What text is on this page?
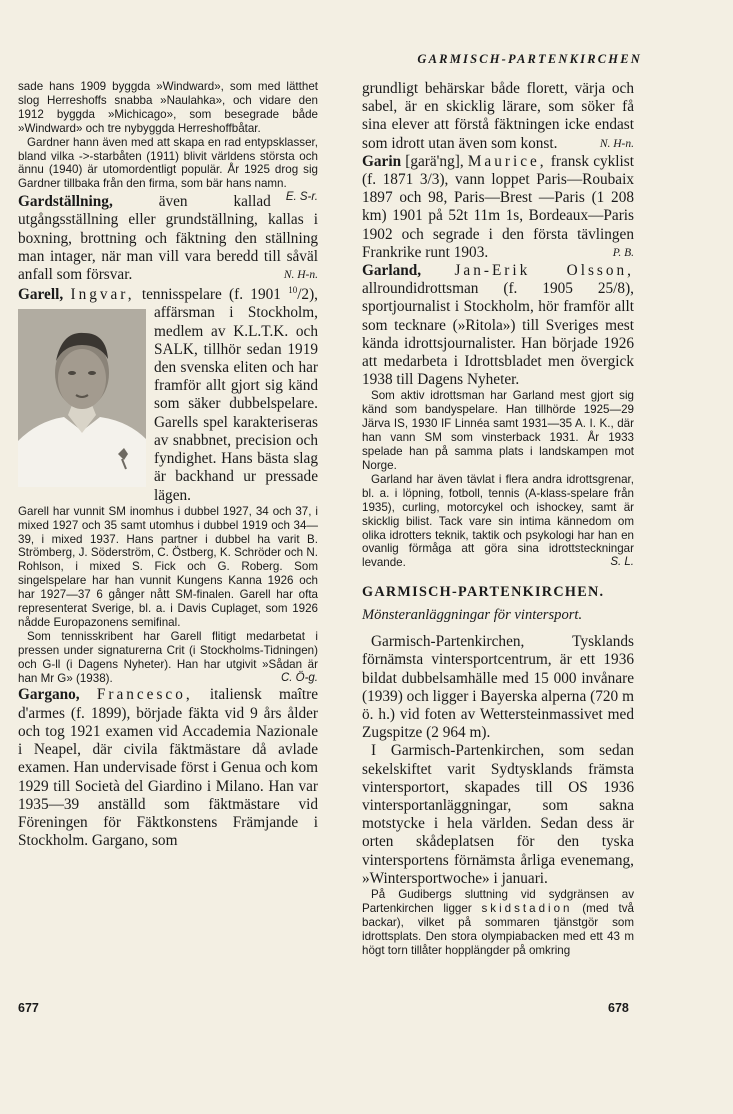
GARMISCH-PARTENKIRCHEN

sade hans 1909 byggda »Windward», som med lätthet slog Herreshoffs snabba »Naulahka», och vidare den 1912 byggda »Michicago», som besegrade både »Windward» och tre nybyggda Herreshoffbåtar.

Gardner hann även med att skapa en rad entypsklasser, bland vilka ->-starbåten (1911) blivit världens största och ännu (1940) är utomordentligt populär. År 1925 drog sig Gardner tillbaka från den firma, som bär hans namn.
E. S-r.

Gardställning,	även kallad utgångsställning eller grundställning, kallas i boxning, brottning och fäktning den ställning man intager, när man vill vara beredd till såväl anfall som försvar.	N. H-n.

Garell, Ingvar, tennisspelare (f. 1901 $^{10}$/2), affärsman i Stockholm, medlem av K.L.T.K. och SALK, tillhör sedan 1919 den svenska eliten och har framför allt gjort sig känd som säker dubbelspelare. Garells spel karakteriseras av snabbnet, precision och fyndighet. Hans bästa slag är backhand ur pressade lägen.

Garell har vunnit SM inomhus i dubbel 1927, 34 och 37, i mixed 1927 och 35 samt utomhus i dubbel 1919 och 34—39, i mixed 1937. Hans partner i dubbel ha varit B. Strömberg, J. Söderström, C. Östberg, K. Schröder och N. Rohlson, i mixed S. Fick och G. Roberg. Som singelspelare har han vunnit Kungens Kanna 1926 och har 1927—37 6 gånger nått SM-finalen. Garell har ofta representerat Sverige, bl. a. i Davis Cuplaget, som 1926 nådde Europazonens semifinal.

Som tennisskribent har Garell flitigt medarbetat i pressen under signaturerna Crit (i Stockholms-Tidningen) och G-ll (i Dagens Nyheter). Han har utgivit »Sådan är han Mr G» (1938).	C. Ö-g.

Gargano, Francesco, italiensk maître d'armes (f. 1899), började fäkta vid 9 års ålder och tog 1921 examen vid Accademia Nazionale i Neapel, där civila fäktmästare då avlade examen. Han undervisade först i Genua och kom 1929 till Società del Giardino i Milano. Han var 1935—39 anställd som fäktmästare vid Föreningen för Fäktkonstens Främjande i Stockholm. Gargano, som

grundligt behärskar både florett, värja och sabel, är en skicklig lärare, som söker få sina elever att förstå fäktningen icke endast som idrott utan även som konst.	N. H-n.

Garin [garä'ng], Maurice, fransk cyklist (f. 1871 3/3), vann loppet Paris—Roubaix 1897 och 98, Paris—Brest —Paris (1 208 km) 1901 på 52t 11m 1s, Bordeaux—Paris 1902 och segrade i den första tävlingen Frankrike runt 1903.	P. B.

Garland, Jan-Erik Olsson, allroundidrottsman (f. 1905 25/8), sportjournalist i Stockholm, hör framför allt som tecknare (»Ritola») till Sveriges mest kända idrottsjournalister. Han började 1926 att medarbeta i Idrottsbladet men övergick 1938 till Dagens Nyheter.

Som aktiv idrottsman har Garland mest gjort sig känd som bandyspelare. Han tillhörde 1925—29 Järva IS, 1930 IF Linnéa samt 1931—35 A. I. K., där han vann SM som vinsterback 1931. År 1933 spelade han på samma plats i landskampen mot Norge.

Garland har även tävlat i flera andra idrottsgrenar, bl. a. i löpning, fotboll, tennis (A-klass-spelare från 1935), curling, motorcykel och ishockey, samt är skicklig bilist. Tack vare sin intima kännedom om olika idrotters teknik, taktik och psykologi har han en ovanlig förmåga att göra sina idrottsteckningar levande.	S. L.

GARMISCH-PARTENKIRCHEN.
Mönsteranläggningar för vintersport.

Garmisch-Partenkirchen, Tysklands förnämsta vintersportcentrum, är ett 1936 bildat dubbelsamhälle med 15 000 invånare (1939) och ligger i Bayerska alperna (720 m ö. h.) vid foten av Wettersteinmassivet med Zugspitze (2 964 m).

I Garmisch-Partenkirchen, som sedan sekelskiftet varit Sydtysklands främsta vintersportort, skapades till OS 1936 vintersportanläggningar, som sakna motstycke i hela världen. Sedan dess är orten skådeplatsen för den tyska vintersportens förnämsta årliga evenemang, »Wintersportwoche» i januari.

På Gudibergs sluttning vid sydgränsen av Partenkirchen ligger skidstadion (med två backar), vilket på sommaren tjänstgör som idrottsplats. Den stora olympiabacken med ett 43 m högt torn tillåter hopplängder på omkring

677	678
